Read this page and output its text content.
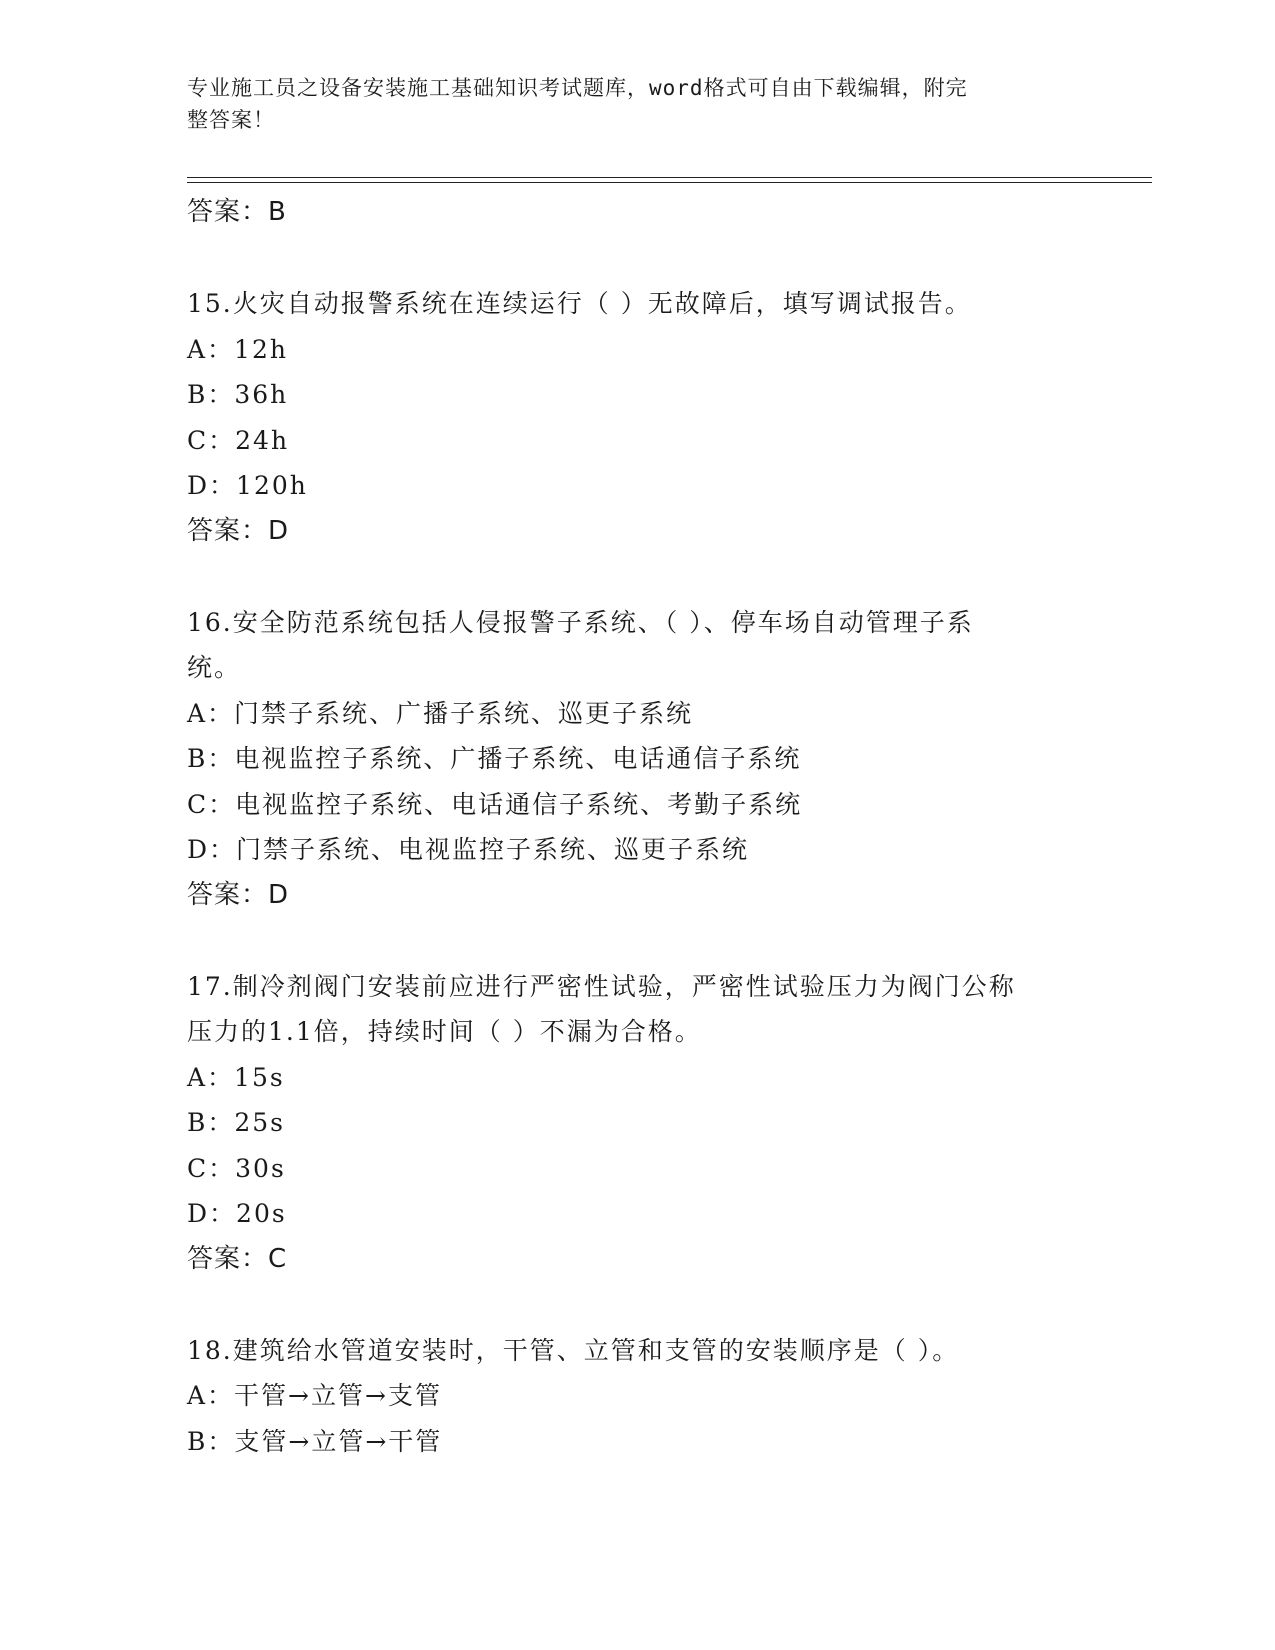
专业施工员之设备安装施工基础知识考试题库，word格式可自由下载编辑，附完
整答案！
答案：B
15.火灾自动报警系统在连续运行（ ）无故障后，填写调试报告。
A：12h
B：36h
C：24h
D：120h
答案：D
16.安全防范系统包括人侵报警子系统、（ ）、停车场自动管理子系
统。
A：门禁子系统、广播子系统、巡更子系统
B：电视监控子系统、广播子系统、电话通信子系统
C：电视监控子系统、电话通信子系统、考勤子系统
D：门禁子系统、电视监控子系统、巡更子系统
答案：D
17.制冷剂阀门安装前应进行严密性试验，严密性试验压力为阀门公称
压力的1.1倍，持续时间（ ）不漏为合格。
A：15s
B：25s
C：30s
D：20s
答案：C
18.建筑给水管道安装时，干管、立管和支管的安装顺序是（ ）。
A：干管→立管→支管
B：支管→立管→干管
